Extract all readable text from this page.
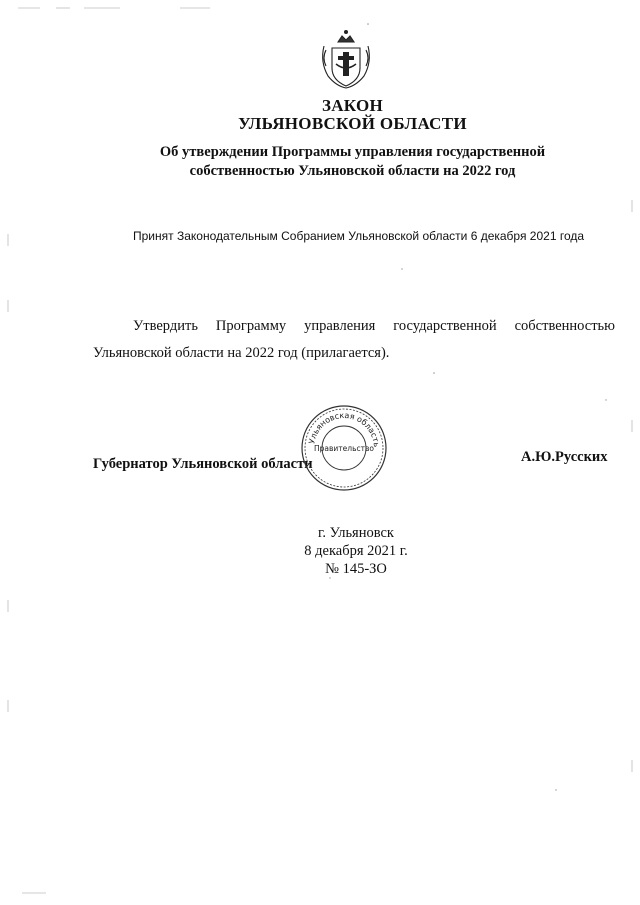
ЗАКОН
УЛЬЯНОВСКОЙ ОБЛАСТИ
Об утверждении Программы управления государственной
собственностью Ульяновской области на 2022 год
Принят Законодательным Собранием Ульяновской области 6 декабря 2021 года
Утвердить Программу управления государственной собственностью
Ульяновской области на 2022 год (прилагается).
Губернатор Ульяновской области	А.Ю.Русских
Ульяновская область
Правительство
г. Ульяновск
8 декабря 2021 г.
№ 145-ЗО
